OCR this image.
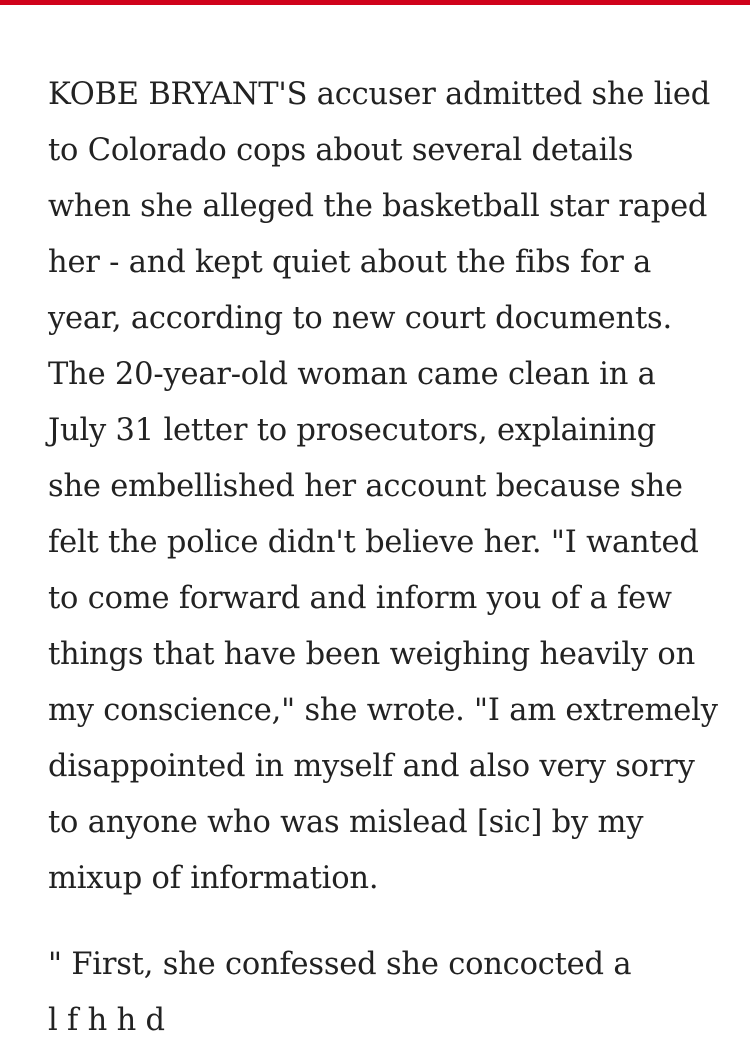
KOBE BRYANT'S accuser admitted she lied
to Colorado cops about several details
when she alleged the basketball star raped
her - and kept quiet about the fibs for a
year, according to new court documents.
The 20-year-old woman came clean in a
July 31 letter to prosecutors, explaining
she embellished her account because she
felt the police didn't believe her. "I wanted
to come forward and inform you of a few
things that have been weighing heavily on
my conscience," she wrote. "I am extremely
disappointed in myself and also very sorry
to anyone who was mislead [sic] by my
mixup of information.

" First, she confessed she concocted a
l f h h d
